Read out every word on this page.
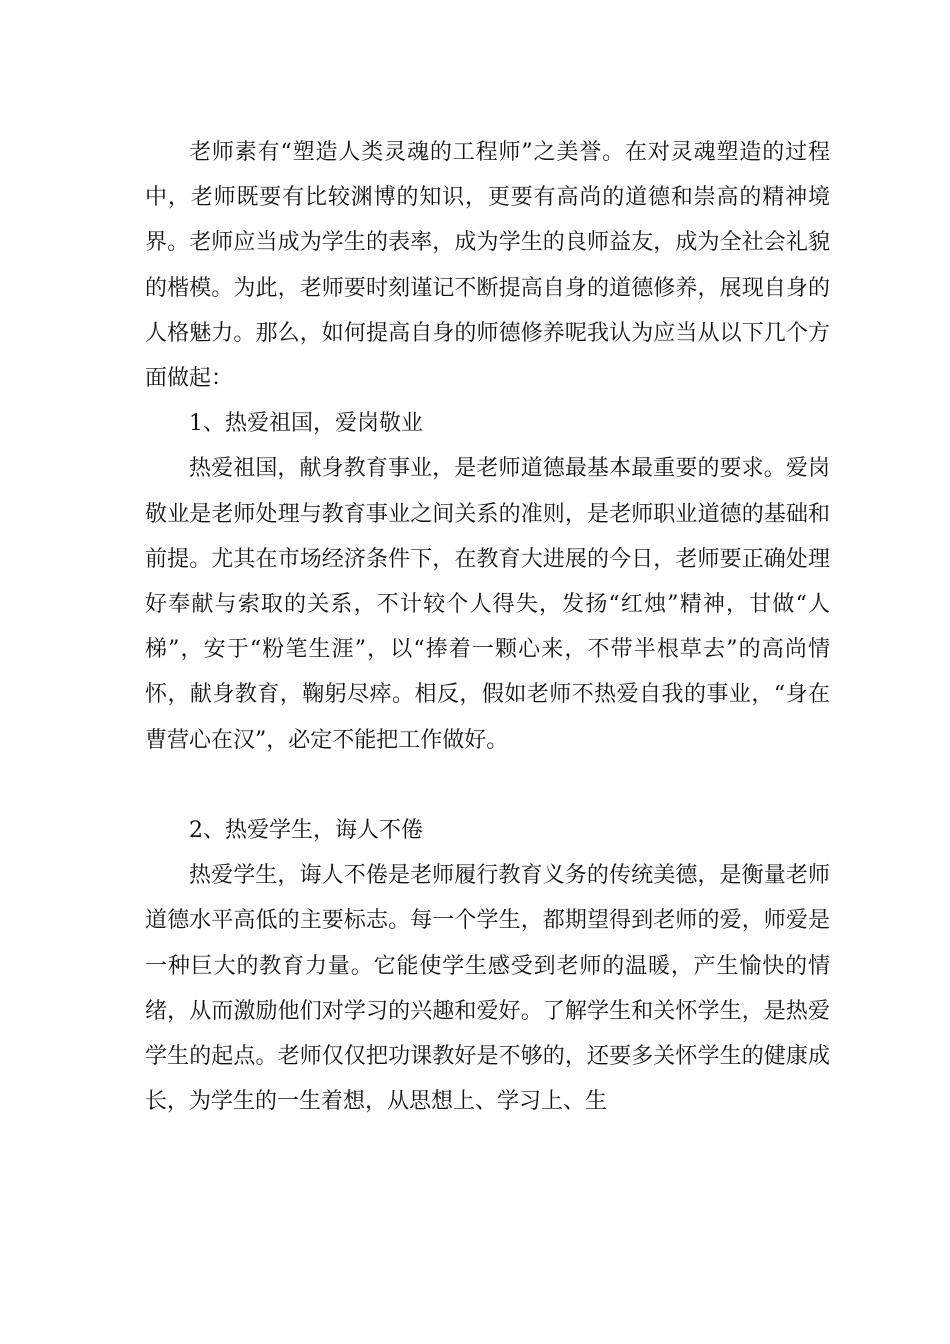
老师素有“塑造人类灵魂的工程师”之美誉。在对灵魂塑造的过程中，老师既要有比较渊博的知识，更要有高尚的道德和崇高的精神境界。老师应当成为学生的表率，成为学生的良师益友，成为全社会礼貌的楷模。为此，老师要时刻谨记不断提高自身的道德修养，展现自身的人格魅力。那么，如何提高自身的师德修养呢我认为应当从以下几个方面做起：

1、热爱祖国，爱岗敬业

热爱祖国，献身教育事业，是老师道德最基本最重要的要求。爱岗敬业是老师处理与教育事业之间关系的准则，是老师职业道德的基础和前提。尤其在市场经济条件下，在教育大进展的今日，老师要正确处理好奉献与索取的关系，不计较个人得失，发扬“红烛”精神，甘做“人梯”，安于“粉笔生涯”，以“捧着一颗心来，不带半根草去”的高尚情怀，献身教育，鞠躬尽瘁。相反，假如老师不热爱自我的事业，“身在曹营心在汉”，必定不能把工作做好。

2、热爱学生，诲人不倦

热爱学生，诲人不倦是老师履行教育义务的传统美德，是衡量老师道德水平高低的主要标志。每一个学生，都期望得到老师的爱，师爱是一种巨大的教育力量。它能使学生感受到老师的温暖，产生愉快的情绪，从而激励他们对学习的兴趣和爱好。了解学生和关怀学生，是热爱学生的起点。老师仅仅把功课教好是不够的，还要多关怀学生的健康成长，为学生的一生着想，从思想上、学习上、生
